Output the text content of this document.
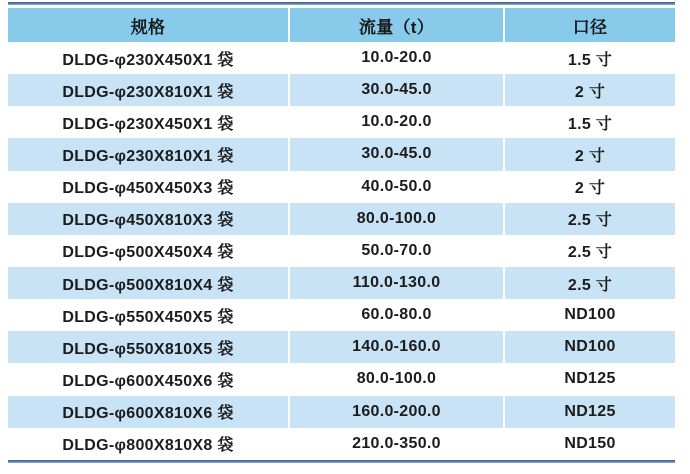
规格	流量（t）	口径
DLDG-φ230X450X1 袋	10.0-20.0	1.5 寸
DLDG-φ230X810X1 袋	30.0-45.0	2 寸
DLDG-φ230X450X1 袋	10.0-20.0	1.5 寸
DLDG-φ230X810X1 袋	30.0-45.0	2 寸
DLDG-φ450X450X3 袋	40.0-50.0	2 寸
DLDG-φ450X810X3 袋	80.0-100.0	2.5 寸
DLDG-φ500X450X4 袋	50.0-70.0	2.5 寸
DLDG-φ500X810X4 袋	110.0-130.0	2.5 寸
DLDG-φ550X450X5 袋	60.0-80.0	ND100
DLDG-φ550X810X5 袋	140.0-160.0	ND100
DLDG-φ600X450X6 袋	80.0-100.0	ND125
DLDG-φ600X810X6 袋	160.0-200.0	ND125
DLDG-φ800X810X8 袋	210.0-350.0	ND150
